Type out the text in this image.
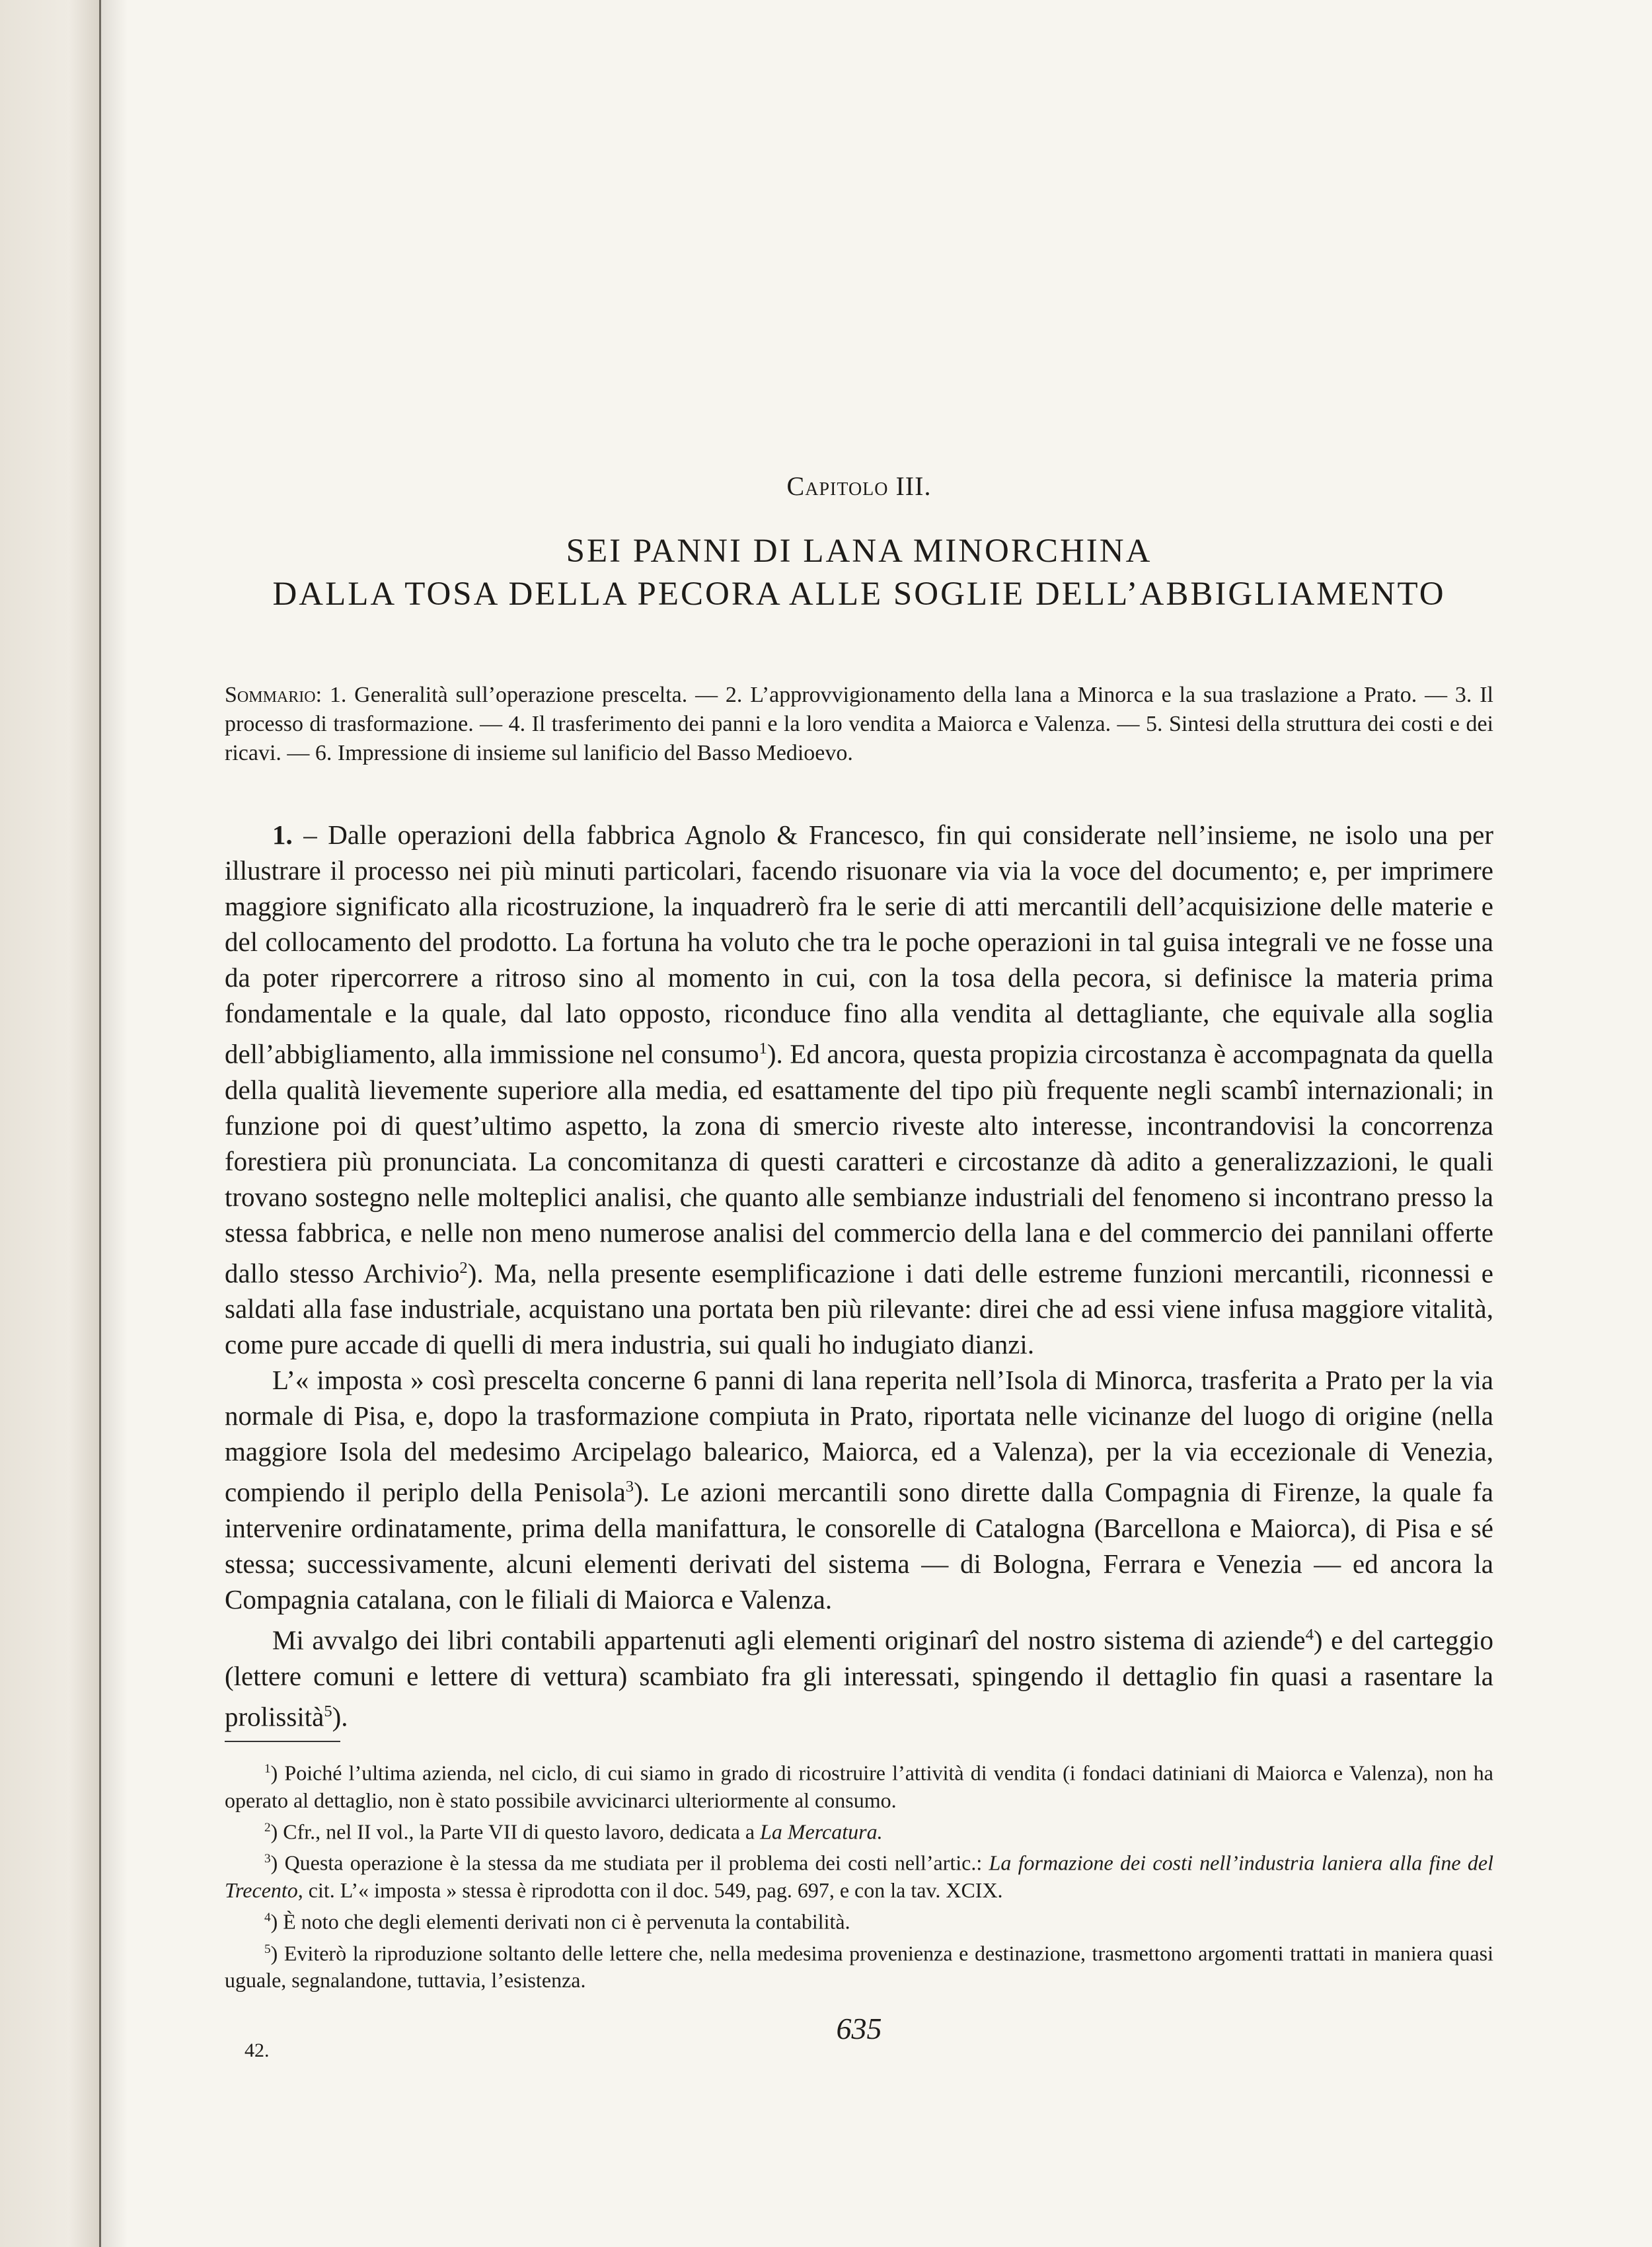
Capitolo III.
SEI PANNI DI LANA MINORCHINA
DALLA TOSA DELLA PECORA ALLE SOGLIE DELL’ABBIGLIAMENTO
Sommario: 1. Generalità sull’operazione prescelta. — 2. L’approvvigionamento della lana a Minorca e la sua traslazione a Prato. — 3. Il processo di trasformazione. — 4. Il trasferimento dei panni e la loro vendita a Maiorca e Valenza. — 5. Sintesi della struttura dei costi e dei ricavi. — 6. Impressione di insieme sul lanificio del Basso Medioevo.

1. – Dalle operazioni della fabbrica Agnolo & Francesco, fin qui considerate nell’insieme, ne isolo una per illustrare il processo nei più minuti particolari, facendo risuonare via via la voce del documento; e, per imprimere maggiore significato alla ricostruzione, la inquadrerò fra le serie di atti mercantili dell’acquisizione delle materie e del collocamento del prodotto. La fortuna ha voluto che tra le poche operazioni in tal guisa integrali ve ne fosse una da poter ripercorrere a ritroso sino al momento in cui, con la tosa della pecora, si definisce la materia prima fondamentale e la quale, dal lato opposto, riconduce fino alla vendita al dettagliante, che equivale alla soglia dell’abbigliamento, alla immissione nel consumo$^1$). Ed ancora, questa propizia circostanza è accompagnata da quella della qualità lievemente superiore alla media, ed esattamente del tipo più frequente negli scambî internazionali; in funzione poi di quest’ultimo aspetto, la zona di smercio riveste alto interesse, incontrandovisi la concorrenza forestiera più pronunciata. La concomitanza di questi caratteri e circostanze dà adito a generalizzazioni, le quali trovano sostegno nelle molteplici analisi, che quanto alle sembianze industriali del fenomeno si incontrano presso la stessa fabbrica, e nelle non meno numerose analisi del commercio della lana e del commercio dei pannilani offerte dallo stesso Archivio$^2$). Ma, nella presente esemplificazione i dati delle estreme funzioni mercantili, riconnessi e saldati alla fase industriale, acquistano una portata ben più rilevante: direi che ad essi viene infusa maggiore vitalità, come pure accade di quelli di mera industria, sui quali ho indugiato dianzi.

L’« imposta » così prescelta concerne 6 panni di lana reperita nell’Isola di Minorca, trasferita a Prato per la via normale di Pisa, e, dopo la trasformazione compiuta in Prato, riportata nelle vicinanze del luogo di origine (nella maggiore Isola del medesimo Arcipelago balearico, Maiorca, ed a Valenza), per la via eccezionale di Venezia, compiendo il periplo della Penisola$^3$). Le azioni mercantili sono dirette dalla Compagnia di Firenze, la quale fa intervenire ordinatamente, prima della manifattura, le consorelle di Catalogna (Barcellona e Maiorca), di Pisa e sé stessa; successivamente, alcuni elementi derivati del sistema — di Bologna, Ferrara e Venezia — ed ancora la Compagnia catalana, con le filiali di Maiorca e Valenza.

Mi avvalgo dei libri contabili appartenuti agli elementi originarî del nostro sistema di aziende$^4$) e del carteggio (lettere comuni e lettere di vettura) scambiato fra gli interessati, spingendo il dettaglio fin quasi a rasentare la prolissità$^5$).

$^1$) Poiché l’ultima azienda, nel ciclo, di cui siamo in grado di ricostruire l’attività di vendita (i fondaci datiniani di Maiorca e Valenza), non ha operato al dettaglio, non è stato possibile avvicinarci ulteriormente al consumo.

$^2$) Cfr., nel II vol., la Parte VII di questo lavoro, dedicata a La Mercatura.

$^3$) Questa operazione è la stessa da me studiata per il problema dei costi nell’artic.: La formazione dei costi nell’industria laniera alla fine del Trecento, cit. L’« imposta » stessa è riprodotta con il doc. 549, pag. 697, e con la tav. XCIX.

$^4$) È noto che degli elementi derivati non ci è pervenuta la contabilità.

$^5$) Eviterò la riproduzione soltanto delle lettere che, nella medesima provenienza e destinazione, trasmettono argomenti trattati in maniera quasi uguale, segnalandone, tuttavia, l’esistenza.

635
42.
